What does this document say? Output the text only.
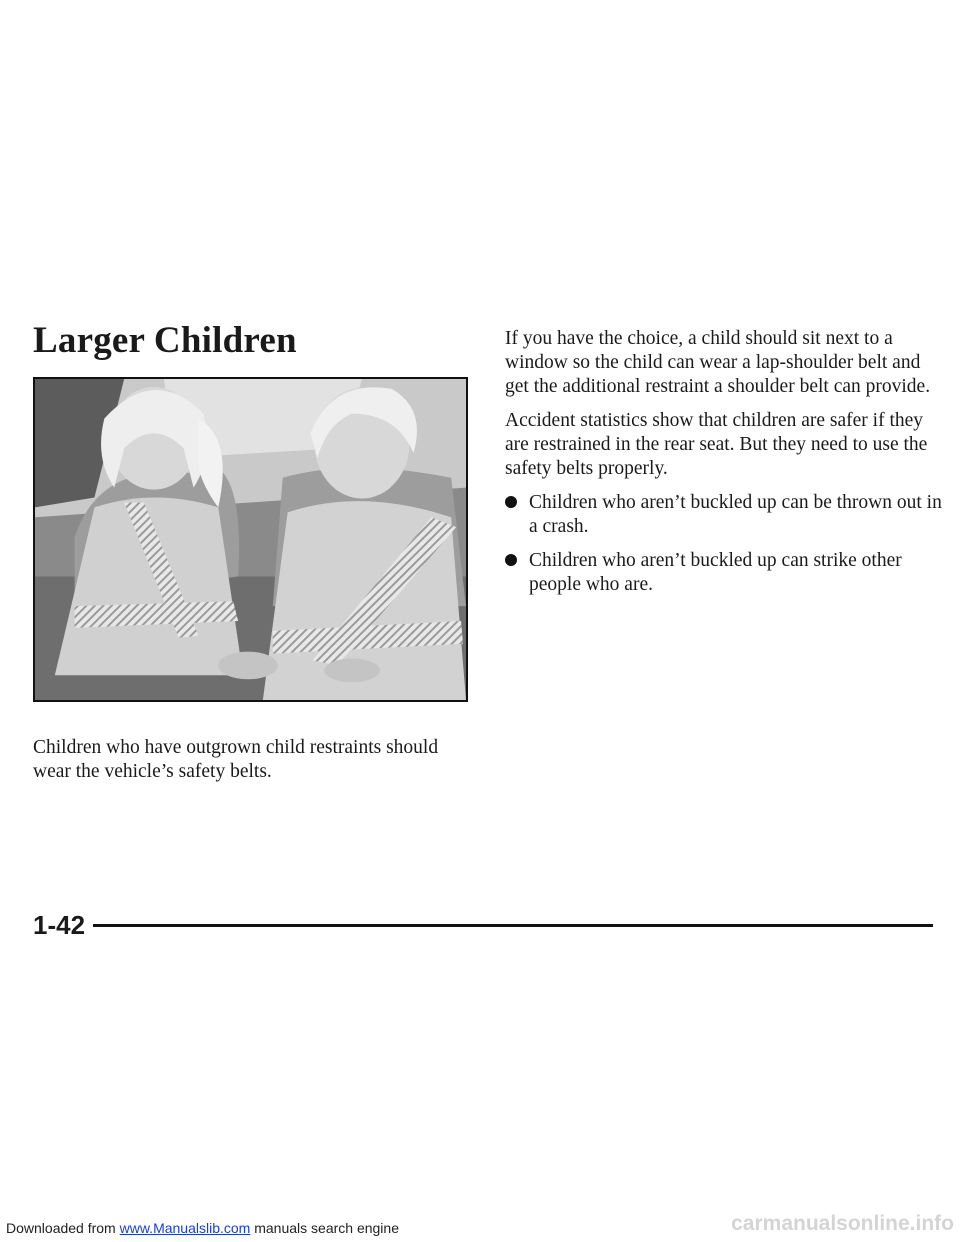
Larger Children

Children who have outgrown child restraints should wear the vehicle’s safety belts.

If you have the choice, a child should sit next to a window so the child can wear a lap-shoulder belt and get the additional restraint a shoulder belt can provide.

Accident statistics show that children are safer if they are restrained in the rear seat. But they need to use the safety belts properly.

Children who aren’t buckled up can be thrown out in a crash.
Children who aren’t buckled up can strike other people who are.
1-42

Downloaded from www.Manualslib.com manuals search engine	carmanualsonline.info
